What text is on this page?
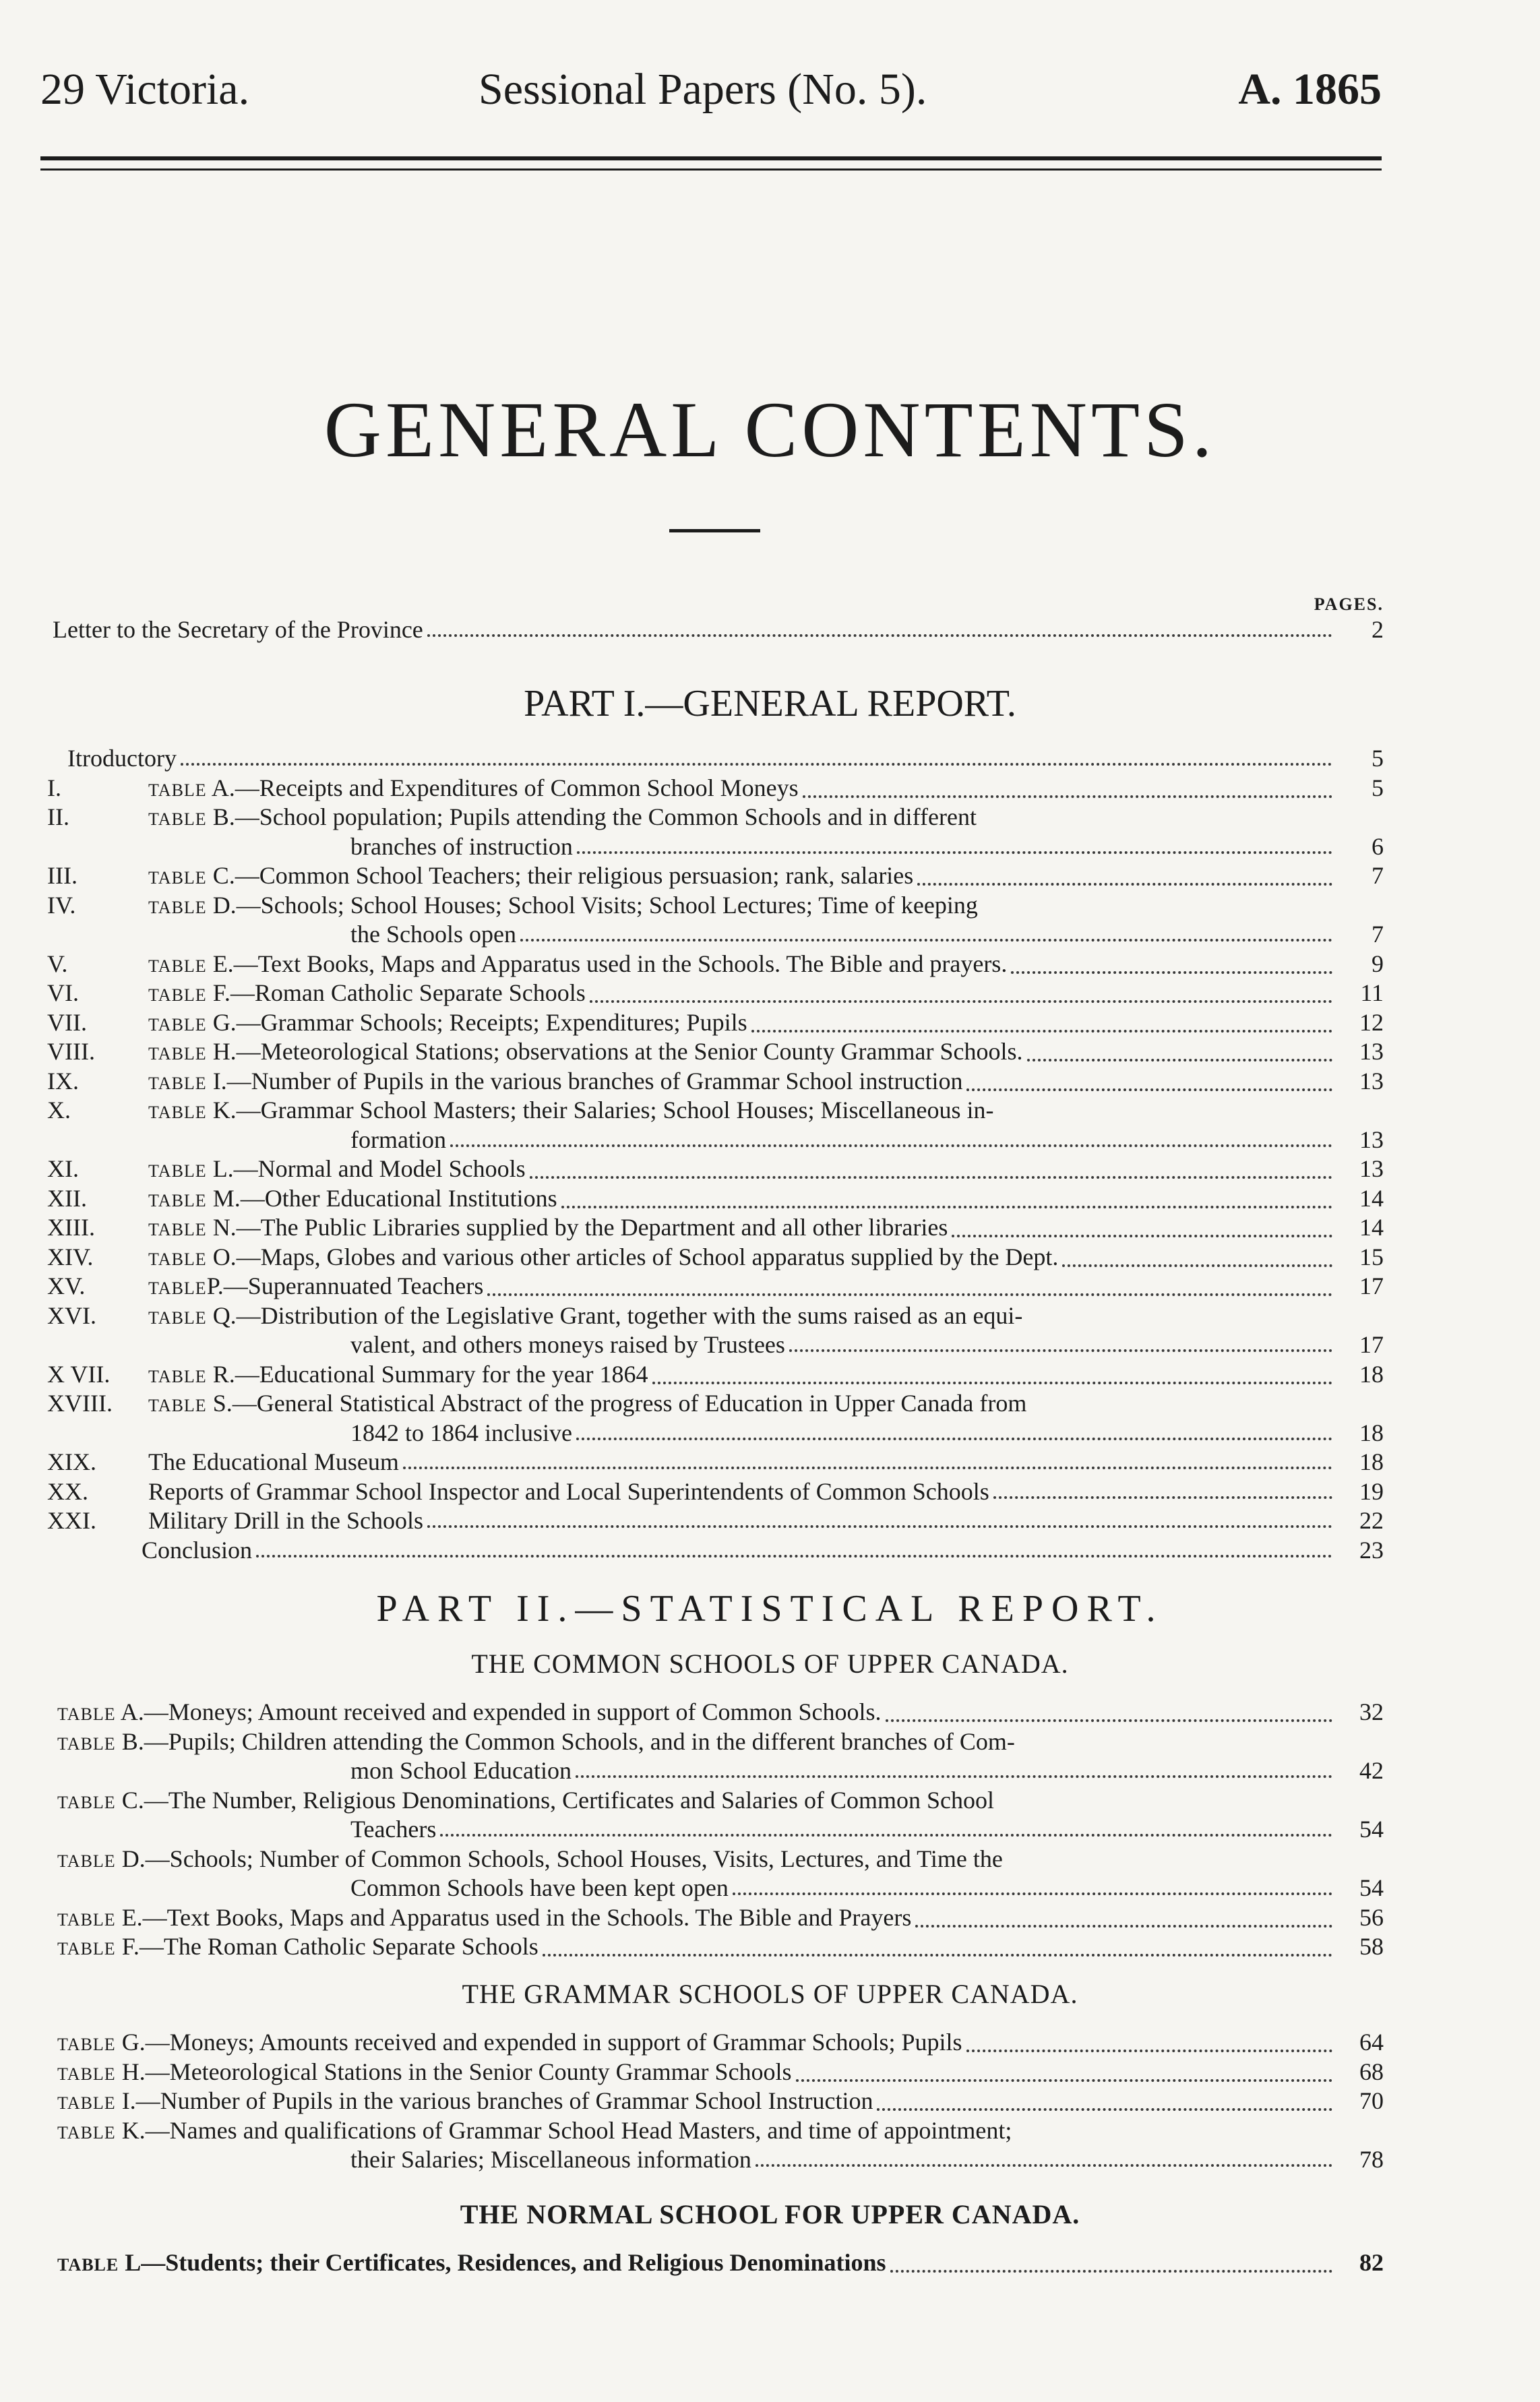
29 Victoria.	Sessional Papers (No. 5).	A. 1865
GENERAL CONTENTS.
PAGES.
Letter to the Secretary of the Province	2
PART I.—GENERAL REPORT.
Itroductory	5
I.	TABLE A.—Receipts and Expenditures of Common School Moneys	5
II.	TABLE B.—School population; Pupils attending the Common Schools and in different
branches of instruction	6
III.	TABLE C.—Common School Teachers; their religious persuasion; rank, salaries	7
IV.	TABLE D.—Schools; School Houses; School Visits; School Lectures; Time of keeping
the Schools open	7
V.	TABLE E.—Text Books, Maps and Apparatus used in the Schools. The Bible and prayers.	9
VI.	TABLE F.—Roman Catholic Separate Schools	11
VII.	TABLE G.—Grammar Schools; Receipts; Expenditures; Pupils	12
VIII.	TABLE H.—Meteorological Stations; observations at the Senior County Grammar Schools.	13
IX.	TABLE I.—Number of Pupils in the various branches of Grammar School instruction	13
X.	TABLE K.—Grammar School Masters; their Salaries; School Houses; Miscellaneous in-
formation	13
XI.	TABLE L.—Normal and Model Schools	13
XII.	TABLE M.—Other Educational Institutions	14
XIII.	TABLE N.—The Public Libraries supplied by the Department and all other libraries	14
XIV.	TABLE O.—Maps, Globes and various other articles of School apparatus supplied by the Dept.	15
XV.	TABLEP.—Superannuated Teachers	17
XVI.	TABLE Q.—Distribution of the Legislative Grant, together with the sums raised as an equi-
valent, and others moneys raised by Trustees	17
X VII. TABLE R.—Educational Summary for the year 1864	18
XVIII. TABLE S.—General Statistical Abstract of the progress of Education in Upper Canada from
1842 to 1864 inclusive	18
XIX. The Educational Museum	18
XX. Reports of Grammar School Inspector and Local Superintendents of Common Schools	19
XXI. Military Drill in the Schools	22
Conclusion	23
PART II.—STATISTICAL REPORT.
THE COMMON SCHOOLS OF UPPER CANADA.
TABLE A.—Moneys; Amount received and expended in support of Common Schools.	32
TABLE B.—Pupils; Children attending the Common Schools, and in the different branches of Com-
mon School Education	42
TABLE C.—The Number, Religious Denominations, Certificates and Salaries of Common School
Teachers	54
TABLE D.—Schools; Number of Common Schools, School Houses, Visits, Lectures, and Time the
Common Schools have been kept open	54
TABLE E.—Text Books, Maps and Apparatus used in the Schools. The Bible and Prayers	56
TABLE F.—The Roman Catholic Separate Schools	58
THE GRAMMAR SCHOOLS OF UPPER CANADA.
TABLE G.—Moneys; Amounts received and expended in support of Grammar Schools; Pupils	64
TABLE H.—Meteorological Stations in the Senior County Grammar Schools	68
TABLE I.—Number of Pupils in the various branches of Grammar School Instruction	70
TABLE K.—Names and qualifications of Grammar School Head Masters, and time of appointment;
their Salaries; Miscellaneous information	78
THE NORMAL SCHOOL FOR UPPER CANADA.
TABLE L—Students; their Certificates, Residences, and Religious Denominations	82
